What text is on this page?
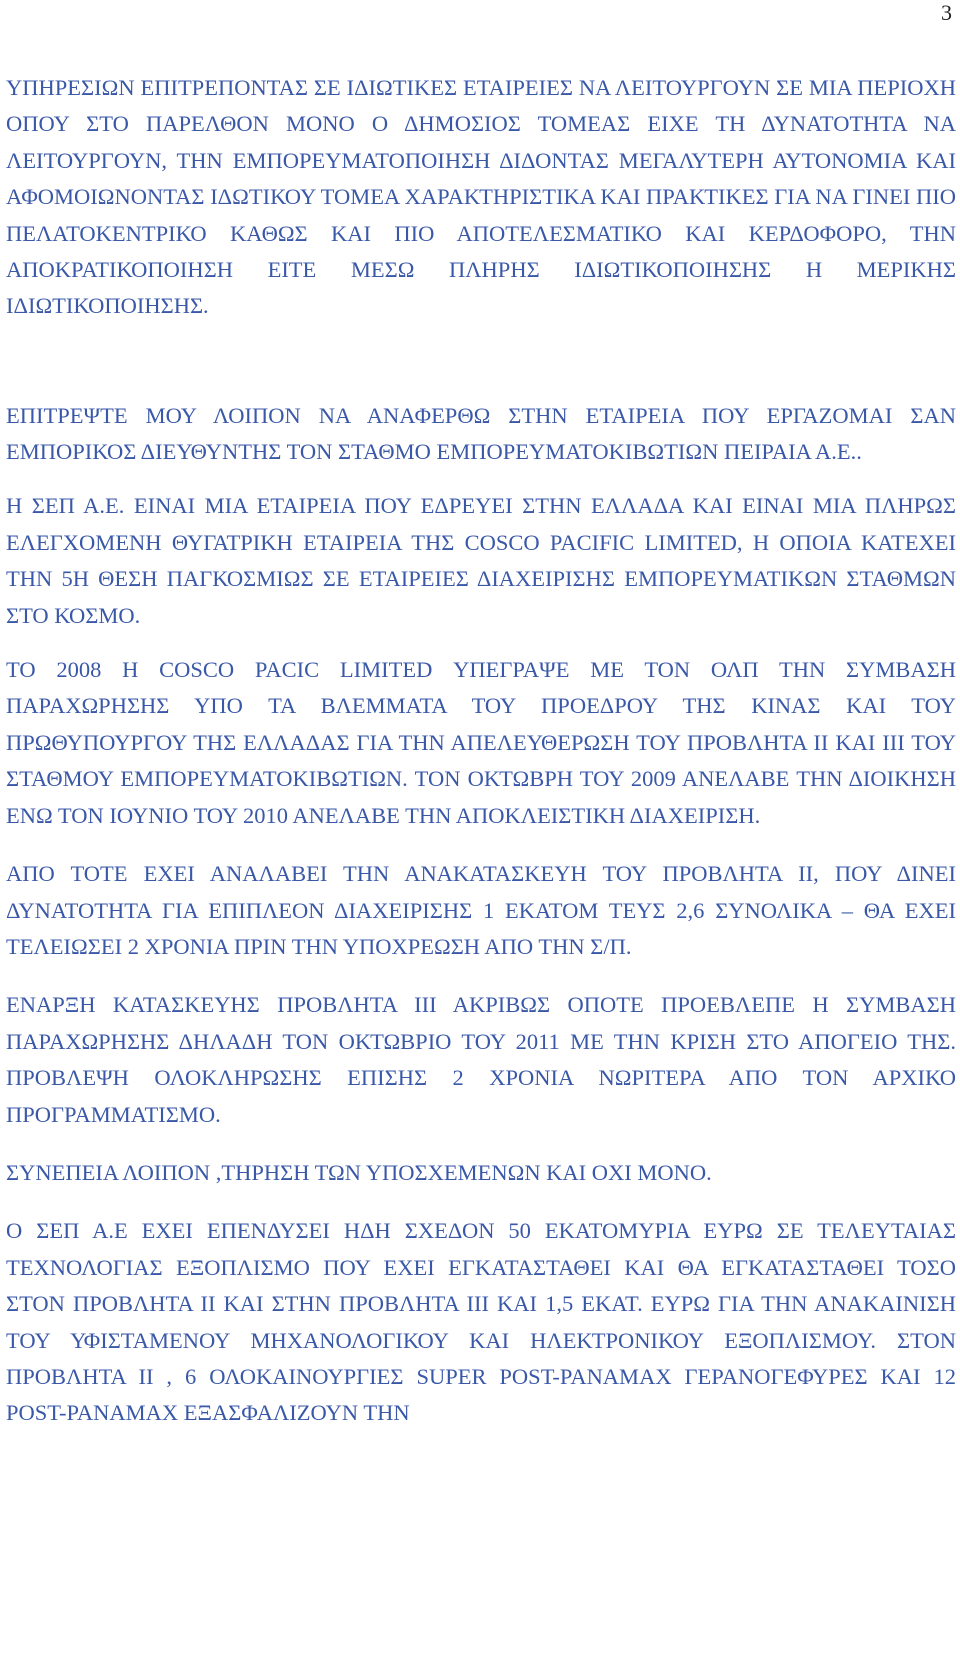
3

ΥΠΗΡΕΣΙΩΝ ΕΠΙΤΡΕΠΟΝΤΑΣ ΣΕ ΙΔΙΩΤΙΚΕΣ ΕΤΑΙΡΕΙΕΣ ΝΑ ΛΕΙΤΟΥΡΓΟΥΝ ΣΕ ΜΙΑ ΠΕΡΙΟΧΗ ΟΠΟΥ ΣΤΟ ΠΑΡΕΛΘΟΝ ΜΟΝΟ Ο ΔΗΜΟΣΙΟΣ ΤΟΜΕΑΣ ΕΙΧΕ ΤΗ ΔΥΝΑΤΟΤΗΤΑ ΝΑ ΛΕΙΤΟΥΡΓΟΥΝ, ΤΗΝ ΕΜΠΟΡΕΥΜΑΤΟΠΟΙΗΣΗ ΔΙΔΟΝΤΑΣ ΜΕΓΑΛΥΤΕΡΗ ΑΥΤΟΝΟΜΙΑ ΚΑΙ ΑΦΟΜΟΙΩΝΟΝΤΑΣ ΙΔΩΤΙΚΟΥ ΤΟΜΕΑ ΧΑΡΑΚΤΗΡΙΣΤΙΚΑ ΚΑΙ ΠΡΑΚΤΙΚΕΣ ΓΙΑ ΝΑ ΓΙΝΕΙ ΠΙΟ ΠΕΛΑΤΟΚΕΝΤΡΙΚΟ ΚΑΘΩΣ ΚΑΙ ΠΙΟ ΑΠΟΤΕΛΕΣΜΑΤΙΚΟ ΚΑΙ ΚΕΡΔΟΦΟΡΟ, ΤΗΝ ΑΠΟΚΡΑΤΙΚΟΠΟΙΗΣΗ ΕΙΤΕ ΜΕΣΩ ΠΛΗΡΗΣ ΙΔΙΩΤΙΚΟΠΟΙΗΣΗΣ Η ΜΕΡΙΚΗΣ ΙΔΙΩΤΙΚΟΠΟΙΗΣΗΣ.

ΕΠΙΤΡΕΨΤΕ ΜΟΥ ΛΟΙΠΟΝ ΝΑ ΑΝΑΦΕΡΘΩ ΣΤΗΝ ΕΤΑΙΡΕΙΑ ΠΟΥ ΕΡΓΑΖΟΜΑΙ ΣΑΝ ΕΜΠΟΡΙΚΟΣ ΔΙΕΥΘΥΝΤΗΣ ΤΟΝ ΣΤΑΘΜΟ ΕΜΠΟΡΕΥΜΑΤΟΚΙΒΩΤΙΩΝ ΠΕΙΡΑΙΑ Α.Ε..

Η ΣΕΠ Α.Ε. ΕΙΝΑΙ ΜΙΑ ΕΤΑΙΡΕΙΑ ΠΟΥ ΕΔΡΕΥΕΙ ΣΤΗΝ ΕΛΛΑΔΑ ΚΑΙ ΕΙΝΑΙ ΜΙΑ ΠΛΗΡΩΣ ΕΛΕΓΧΟΜΕΝΗ ΘΥΓΑΤΡΙΚΗ ΕΤΑΙΡΕΙΑ ΤΗΣ COSCO PACIFIC LIMITED, Η ΟΠΟΙΑ ΚΑΤΕΧΕΙ ΤΗΝ 5Η ΘΕΣΗ ΠΑΓΚΟΣΜΙΩΣ ΣΕ ΕΤΑΙΡΕΙΕΣ ΔΙΑΧΕΙΡΙΣΗΣ ΕΜΠΟΡΕΥΜΑΤΙΚΩΝ ΣΤΑΘΜΩΝ ΣΤΟ ΚΟΣΜΟ.

ΤΟ 2008 Η COSCO PACIC LIMITED ΥΠΕΓΡΑΨΕ ΜΕ ΤΟΝ ΟΛΠ ΤΗΝ ΣΥΜΒΑΣΗ ΠΑΡΑΧΩΡΗΣΗΣ ΥΠΟ ΤΑ ΒΛΕΜΜΑΤΑ ΤΟΥ ΠΡΟΕΔΡΟΥ ΤΗΣ ΚΙΝΑΣ ΚΑΙ ΤΟΥ ΠΡΩΘΥΠΟΥΡΓΟΥ ΤΗΣ ΕΛΛΑΔΑΣ ΓΙΑ ΤΗΝ ΑΠΕΛΕΥΘΕΡΩΣΗ ΤΟΥ ΠΡΟΒΛΗΤΑ ΙΙ ΚΑΙ ΙΙΙ ΤΟΥ ΣΤΑΘΜΟΥ ΕΜΠΟΡΕΥΜΑΤΟΚΙΒΩΤΙΩΝ. ΤΟΝ ΟΚΤΩΒΡΗ ΤΟΥ 2009 ΑΝΕΛΑΒΕ ΤΗΝ ΔΙΟΙΚΗΣΗ ΕΝΩ ΤΟΝ ΙΟΥΝΙΟ ΤΟΥ 2010 ΑΝΕΛΑΒΕ ΤΗΝ ΑΠΟΚΛΕΙΣΤΙΚΗ ΔΙΑΧΕΙΡΙΣΗ.

ΑΠΟ ΤΟΤΕ ΕΧΕΙ ΑΝΑΛΑΒΕΙ ΤΗΝ ΑΝΑΚΑΤΑΣΚΕΥΗ ΤΟΥ ΠΡΟΒΛΗΤΑ ΙΙ, ΠΟΥ ΔΙΝΕΙ ΔΥΝΑΤΟΤΗΤΑ ΓΙΑ ΕΠΙΠΛΕΟΝ ΔΙΑΧΕΙΡΙΣΗΣ 1 ΕΚΑΤΟΜ ΤΕΥΣ 2,6 ΣΥΝΟΛΙΚΑ – ΘΑ ΕΧΕΙ ΤΕΛΕΙΩΣΕΙ 2 ΧΡΟΝΙΑ ΠΡΙΝ ΤΗΝ ΥΠΟΧΡΕΩΣΗ ΑΠΟ ΤΗΝ Σ/Π.

ΕΝΑΡΞΗ ΚΑΤΑΣΚΕΥΗΣ ΠΡΟΒΛΗΤΑ ΙΙΙ ΑΚΡΙΒΩΣ ΟΠΟΤΕ ΠΡΟΕΒΛΕΠΕ Η ΣΥΜΒΑΣΗ ΠΑΡΑΧΩΡΗΣΗΣ ΔΗΛΑΔΗ ΤΟΝ ΟΚΤΩΒΡΙΟ ΤΟΥ 2011 ΜΕ ΤΗΝ ΚΡΙΣΗ ΣΤΟ ΑΠΟΓΕΙΟ ΤΗΣ. ΠΡΟΒΛΕΨΗ ΟΛΟΚΛΗΡΩΣΗΣ ΕΠΙΣΗΣ 2 ΧΡΟΝΙΑ ΝΩΡΙΤΕΡΑ ΑΠΟ ΤΟΝ ΑΡΧΙΚΟ ΠΡΟΓΡΑΜΜΑΤΙΣΜΟ.

ΣΥΝΕΠΕΙΑ ΛΟΙΠΟΝ ,ΤΗΡΗΣΗ ΤΩΝ ΥΠΟΣΧΕΜΕΝΩΝ ΚΑΙ ΟΧΙ ΜΟΝΟ.

Ο ΣΕΠ Α.Ε ΕΧΕΙ ΕΠΕΝΔΥΣΕΙ ΗΔΗ ΣΧΕΔΟΝ 50 ΕΚΑΤΟΜΥΡΙΑ ΕΥΡΩ ΣΕ ΤΕΛΕΥΤΑΙΑΣ ΤΕΧΝΟΛΟΓΙΑΣ ΕΞΟΠΛΙΣΜΟ ΠΟΥ ΕΧΕΙ ΕΓΚΑΤΑΣΤΑΘΕΙ ΚΑΙ ΘΑ ΕΓΚΑΤΑΣΤΑΘΕΙ ΤΟΣΟ ΣΤΟΝ ΠΡΟΒΛΗΤΑ ΙΙ ΚΑΙ ΣΤΗΝ ΠΡΟΒΛΗΤΑ ΙΙΙ ΚΑΙ 1,5 ΕΚΑΤ. ΕΥΡΩ ΓΙΑ ΤΗΝ ΑΝΑΚΑΙΝΙΣΗ ΤΟΥ ΥΦΙΣΤΑΜΕΝΟΥ ΜΗΧΑΝΟΛΟΓΙΚΟΥ ΚΑΙ ΗΛΕΚΤΡΟΝΙΚΟΥ ΕΞΟΠΛΙΣΜΟΥ. ΣΤΟΝ ΠΡΟΒΛΗΤΑ ΙΙ , 6 ΟΛΟΚΑΙΝΟΥΡΓΙΕΣ SUPER POST-PANAMAX ΓΕΡΑΝΟΓΕΦΥΡΕΣ ΚΑΙ 12 POST-PANAMAX ΕΞΑΣΦΑΛΙΖΟΥΝ ΤΗΝ
